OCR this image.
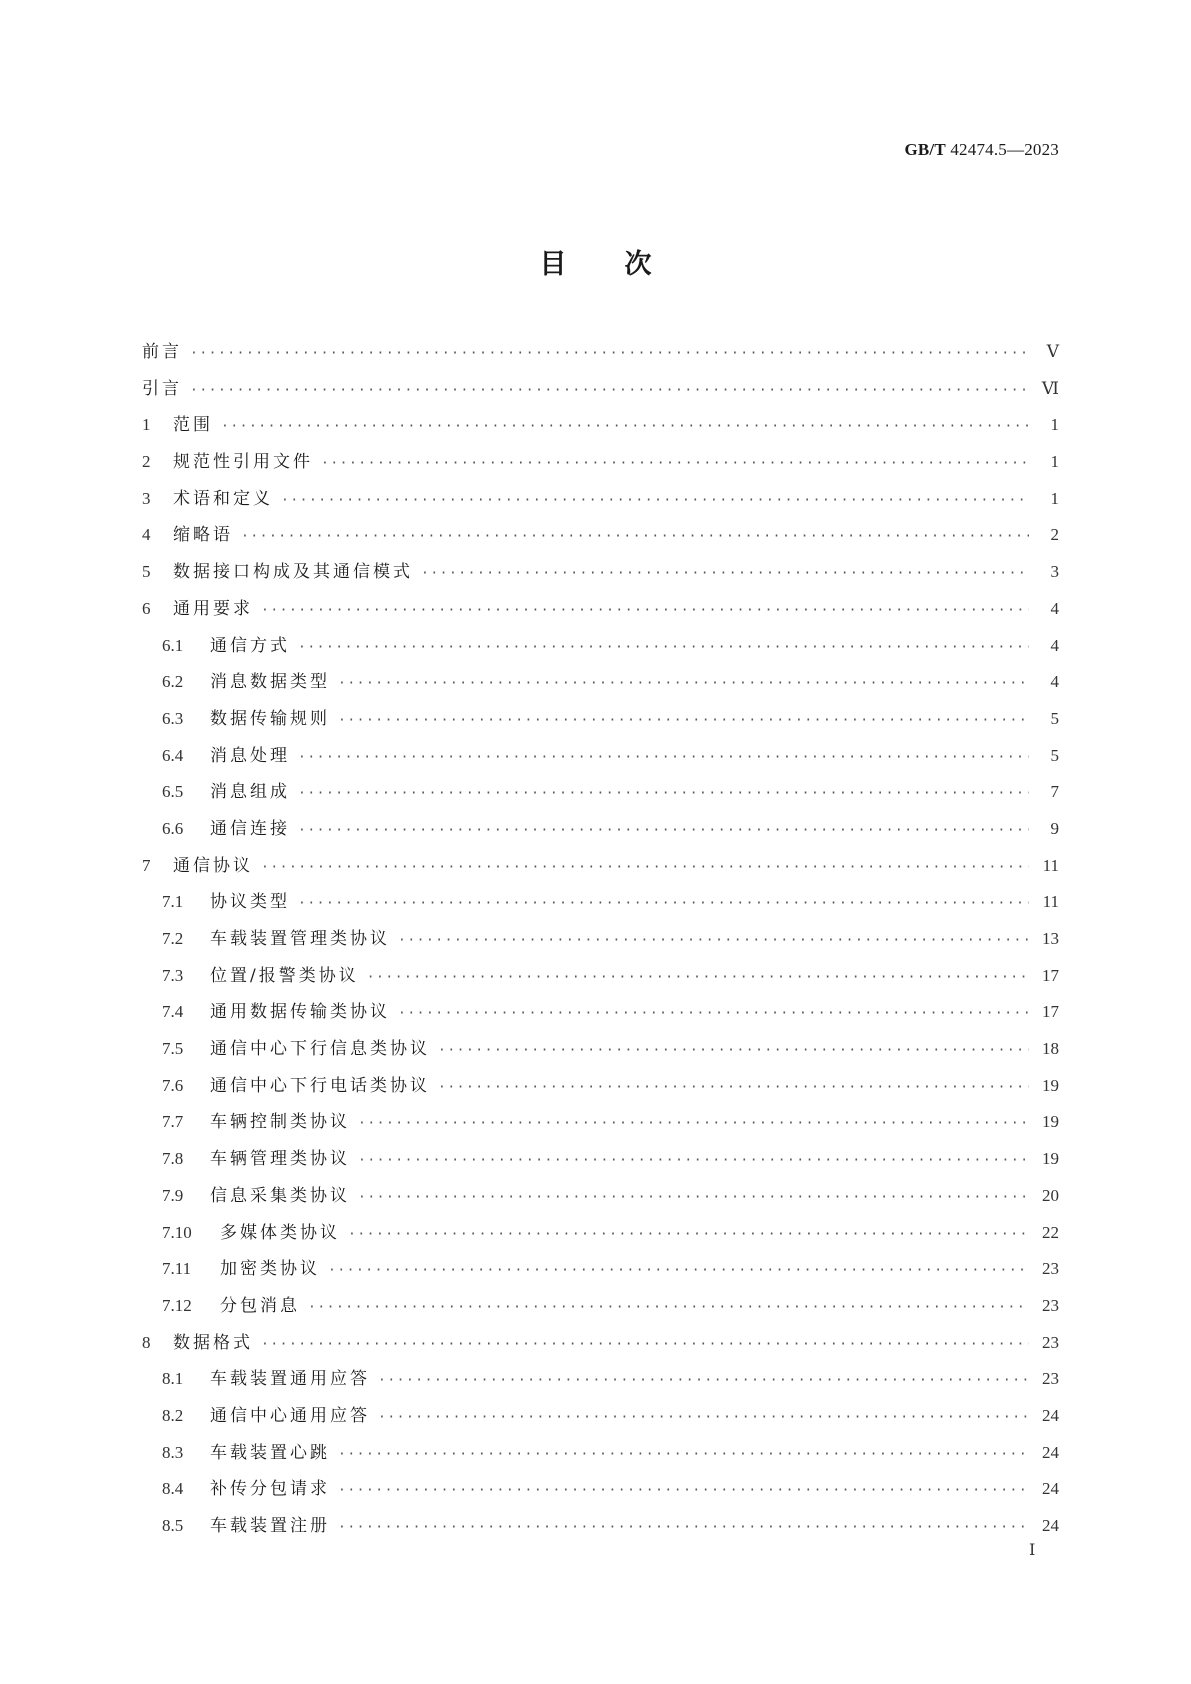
GB/T 42474.5—2023
目次
前言 ·····	Ⅴ
引言 ·····	Ⅵ
1	范围 ·····	1
2	规范性引用文件 ·····	1
3	术语和定义 ·····	1
4	缩略语 ·····	2
5	数据接口构成及其通信模式 ·····	3
6	通用要求 ·····	4
6.1	通信方式 ·····	4
6.2	消息数据类型 ·····	4
6.3	数据传输规则 ·····	5
6.4	消息处理 ·····	5
6.5	消息组成 ·····	7
6.6	通信连接 ·····	9
7	通信协议 ·····	11
7.1	协议类型 ·····	11
7.2	车载装置管理类协议 ·····	13
7.3	位置/报警类协议 ·····	17
7.4	通用数据传输类协议 ·····	17
7.5	通信中心下行信息类协议 ·····	18
7.6	通信中心下行电话类协议 ·····	19
7.7	车辆控制类协议 ·····	19
7.8	车辆管理类协议 ·····	19
7.9	信息采集类协议 ·····	20
7.10	多媒体类协议 ·····	22
7.11	加密类协议 ·····	23
7.12	分包消息 ·····	23
8	数据格式 ·····	23
8.1	车载装置通用应答 ·····	23
8.2	通信中心通用应答 ·····	24
8.3	车载装置心跳 ·····	24
8.4	补传分包请求 ·····	24
8.5	车载装置注册 ·····	24
Ⅰ
